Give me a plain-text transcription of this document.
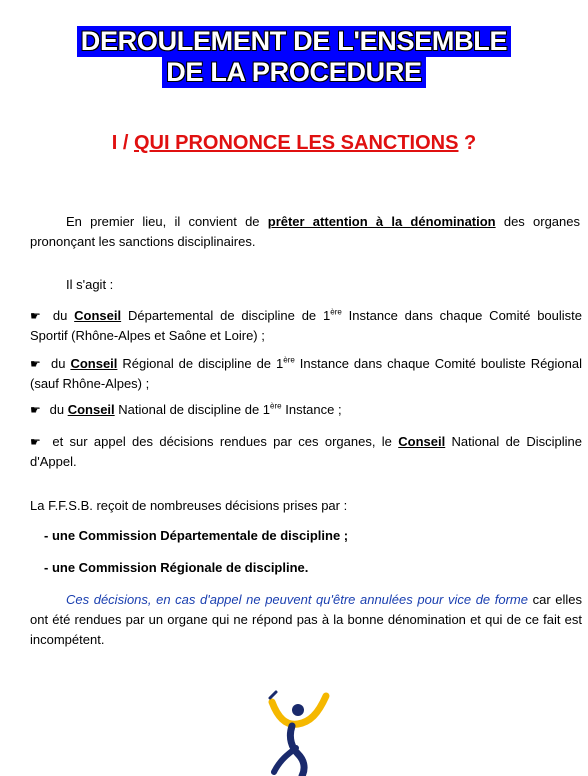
DEROULEMENT DE L'ENSEMBLE
DE LA PROCEDURE
I / QUI PRONONCE LES SANCTIONS ?
En premier lieu, il convient de prêter attention à la dénomination des organes prononçant les sanctions disciplinaires.
Il s'agit :
☛ du Conseil Départemental de discipline de 1ère Instance dans chaque Comité bouliste Sportif (Rhône-Alpes et Saône et Loire) ;
☛ du Conseil Régional de discipline de 1ère Instance dans chaque Comité bouliste Régional (sauf Rhône-Alpes) ;
☛ du Conseil National de discipline de 1ère Instance ;
☛ et sur appel des décisions rendues par ces organes, le Conseil National de Discipline d'Appel.
La F.F.S.B. reçoit de nombreuses décisions prises par :
- une Commission Départementale de discipline ;
- une Commission Régionale de discipline.
Ces décisions, en cas d'appel ne peuvent qu'être annulées pour vice de forme car elles ont été rendues par un organe qui ne répond pas à la bonne dénomination et qui de ce fait est incompétent.
